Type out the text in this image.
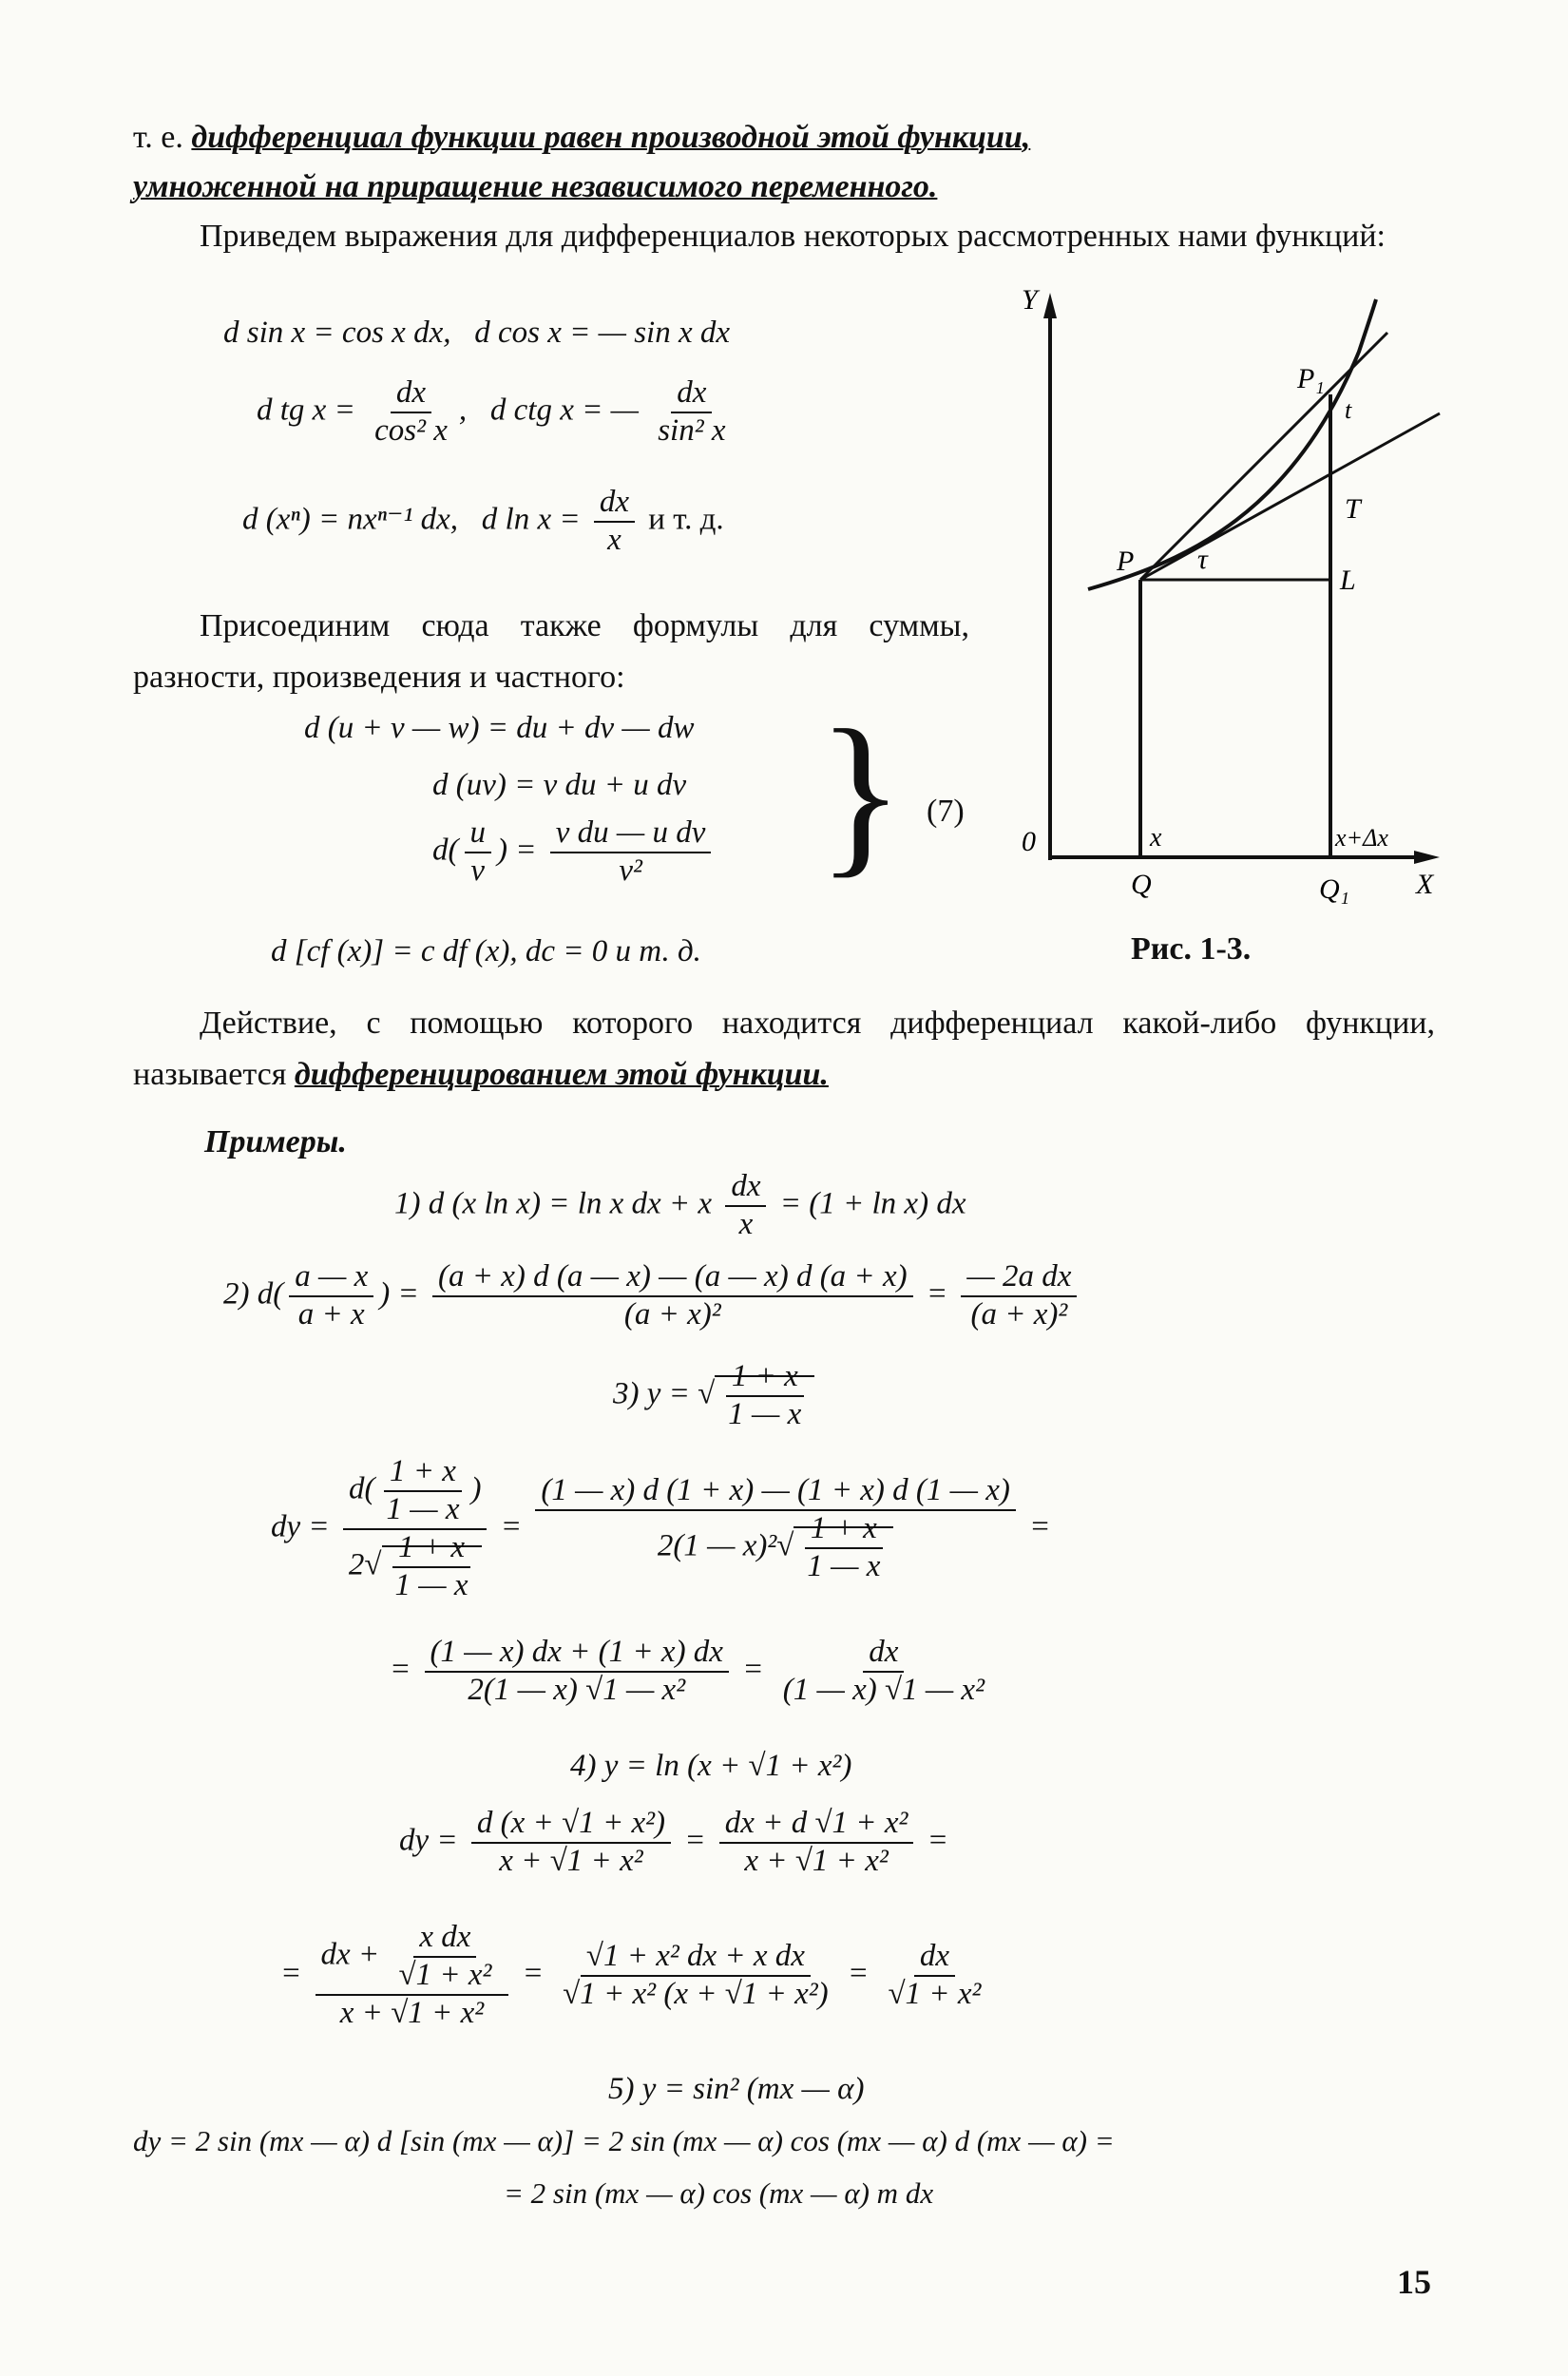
т. е. дифференциал функции равен производной этой функции,
умноженной на приращение независимого переменного.
Приведем выражения для дифференциалов некоторых рассмотренных нами функций:
d sin x = cos x dx, d cos x = — sin x dx
d tg $x = \frac{dx}{\text{cos² x}}$ ,   d ctg x = — $\frac{dx}{\text{sin² x}}$
d (xⁿ) = nxⁿ⁻¹ dx, d $\ln x = \frac{dx}{x}$ и т. д.
Присоединим сюда также формулы для суммы, разности, произведения и частного:
d (u + v — w) = du + dv — dw
d (uv) = v du + u dv
$d( \frac{u}{v}$ ) = $\frac{\text{v du — u dv}}{\text{v²}}$ } (7)
d [cf (x)] = c df (x), dc = 0 и т. д.
Y
P₁
t
T
P τ
L
0	x	x+Δx
Q	Q₁ X
Рис. 1-3.
Действие, с помощью которого находится дифференциал какой-либо функции, называется дифференцированием этой функции.
Примеры.
1) d (x ln x) = ln x dx + x $\frac{dx}{x} = (1 + \ln x)$ dx
2) $d( \frac{a — x}{a + x}$ ) = $\frac{(a + x) d (a — x) — (a — x) d (a + x)}{\text{(a + x)²}} = \frac{\text{— 2a dx}}{\text{(a + x)²}}$
3) y = √ $\frac{1 + x}{1 — x}$
dy = $\frac{d( \frac{1 + x}{1 — x} )}{2√ \frac{1 + x}{1 — x}} = \frac{(1 — x) d (1 + x) — (1 + x) d (1 — x)}{2(1 — x)^2√ \frac{1 + x}{1 — x}}$ =
= $\frac{(1 — x) dx + (1 + x) dx}{\text{2(1 — x) √1 — x²}} = \frac{dx}{\text{(1 — x) √1 — x²}}$
4) y = ln (x + √1 + x²)
dy = $\frac{\text{d (x + √1 + x²)}}{\text{x + √1 + x²}} = \frac{\text{dx + d √1 + x²}}{\text{x + √1 + x²}}$ =
= $\frac{dx + \frac{\text{x dx}}{\text{√1 + x²}}}{\text{x + √1 + x²}} = \frac{\text{√1 + x² dx + x dx}}{\text{√1 + x² (x + √1 + x²)}} = \frac{dx}{\text{√1 + x²}}$
5) y = sin² (mx — α)
dy = 2 sin (mx — α) d [sin (mx — α)] = 2 sin (mx — α) cos (mx — α) d (mx — α) =
= 2 sin (mx — α) cos (mx — α) m dx
15
